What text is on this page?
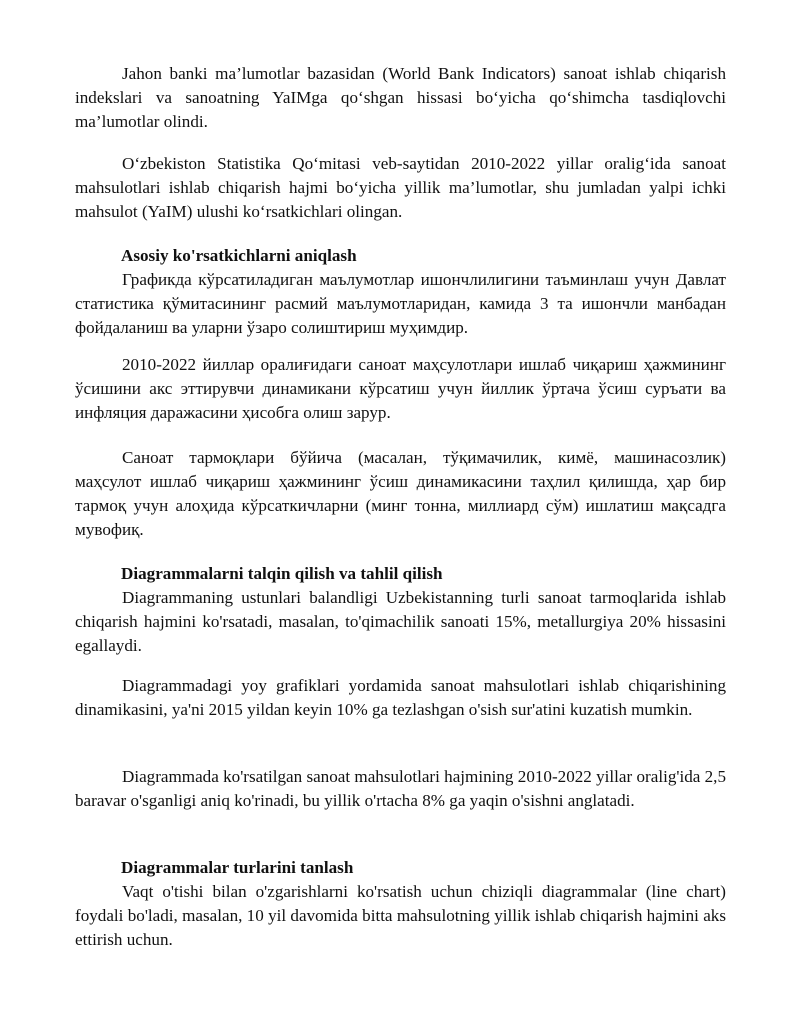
Jahon banki ma’lumotlar bazasidan (World Bank Indicators) sanoat ishlab chiqarish indekslari va sanoatning YaIMga qo‘shgan hissasi bo‘yicha qo‘shimcha tasdiqlovchi ma’lumotlar olindi.

O‘zbekiston Statistika Qo‘mitasi veb-saytidan 2010-2022 yillar oralig‘ida sanoat mahsulotlari ishlab chiqarish hajmi bo‘yicha yillik ma’lumotlar, shu jumladan yalpi ichki mahsulot (YaIM) ulushi ko‘rsatkichlari olingan.

Asosiy ko'rsatkichlarni aniqlash

Графикда кўрсатиладиган маълумотлар ишончлилигини таъминлаш учун Давлат статистика қўмитасининг расмий маълумотларидан, камида 3 та ишончли манбадан фойдаланиш ва уларни ўзаро солиштириш муҳимдир.

2010-2022 йиллар оралиғидаги саноат маҳсулотлари ишлаб чиқариш ҳажмининг ўсишини акс эттирувчи динамикани кўрсатиш учун йиллик ўртача ўсиш суръати ва инфляция даражасини ҳисобга олиш зарур.

Саноат тармоқлари бўйича (масалан, тўқимачилик, кимё, машинасозлик) маҳсулот ишлаб чиқариш ҳажмининг ўсиш динамикасини таҳлил қилишда, ҳар бир тармоқ учун алоҳида кўрсаткичларни (минг тонна, миллиард сўм) ишлатиш мақсадга мувофиқ.

Diagrammalarni talqin qilish va tahlil qilish

Diagrammaning ustunlari balandligi Uzbekistanning turli sanoat tarmoqlarida ishlab chiqarish hajmini ko'rsatadi, masalan, to'qimachilik sanoati 15%, metallurgiya 20% hissasini egallaydi.

Diagrammadagi yoy grafiklari yordamida sanoat mahsulotlari ishlab chiqarishining dinamikasini, ya'ni 2015 yildan keyin 10% ga tezlashgan o'sish sur'atini kuzatish mumkin.

Diagrammada ko'rsatilgan sanoat mahsulotlari hajmining 2010-2022 yillar oralig'ida 2,5 baravar o'sganligi aniq ko'rinadi, bu yillik o'rtacha 8% ga yaqin o'sishni anglatadi.

Diagrammalar turlarini tanlash

Vaqt o'tishi bilan o'zgarishlarni ko'rsatish uchun chiziqli diagrammalar (line chart) foydali bo'ladi, masalan, 10 yil davomida bitta mahsulotning yillik ishlab chiqarish hajmini aks ettirish uchun.
